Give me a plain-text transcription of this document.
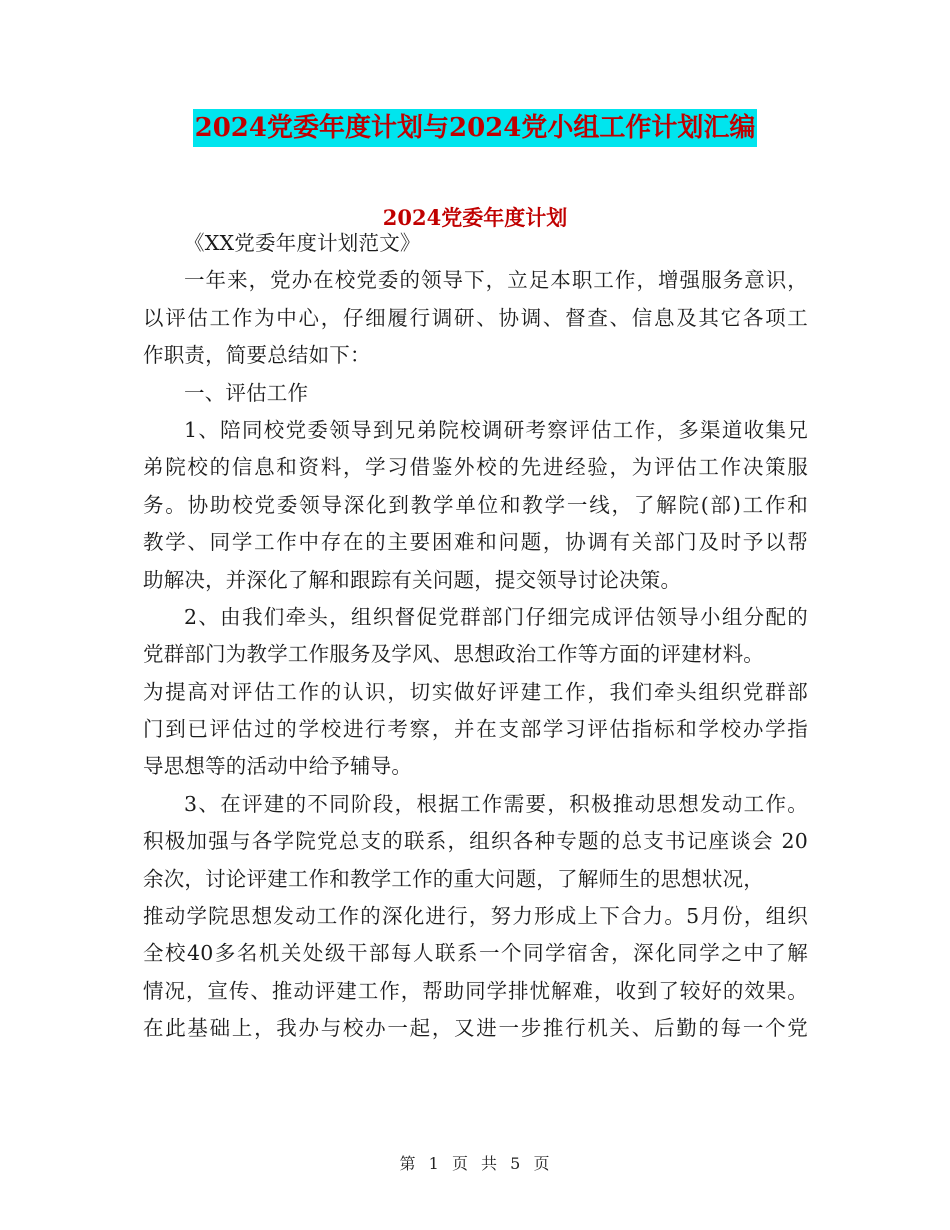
2024党委年度计划与2024党小组工作计划汇编
2024党委年度计划
《XX党委年度计划范文》
一年来，党办在校党委的领导下，立足本职工作，增强服务意识，
以评估工作为中心，仔细履行调研、协调、督查、信息及其它各项工
作职责，简要总结如下：
一、评估工作
1、陪同校党委领导到兄弟院校调研考察评估工作，多渠道收集兄
弟院校的信息和资料，学习借鉴外校的先进经验，为评估工作决策服
务。协助校党委领导深化到教学单位和教学一线，了解院(部)工作和
教学、同学工作中存在的主要困难和问题，协调有关部门及时予以帮
助解决，并深化了解和跟踪有关问题，提交领导讨论决策。
2、由我们牵头，组织督促党群部门仔细完成评估领导小组分配的
党群部门为教学工作服务及学风、思想政治工作等方面的评建材料。
为提高对评估工作的认识，切实做好评建工作，我们牵头组织党群部
门到已评估过的学校进行考察，并在支部学习评估指标和学校办学指
导思想等的活动中给予辅导。
3、在评建的不同阶段，根据工作需要，积极推动思想发动工作。
积极加强与各学院党总支的联系，组织各种专题的总支书记座谈会 20
余次，讨论评建工作和教学工作的重大问题，了解师生的思想状况，
推动学院思想发动工作的深化进行，努力形成上下合力。5月份，组织
全校40多名机关处级干部每人联系一个同学宿舍，深化同学之中了解
情况，宣传、推动评建工作，帮助同学排忧解难，收到了较好的效果。
在此基础上，我办与校办一起，又进一步推行机关、后勤的每一个党
第 1 页 共 5 页
